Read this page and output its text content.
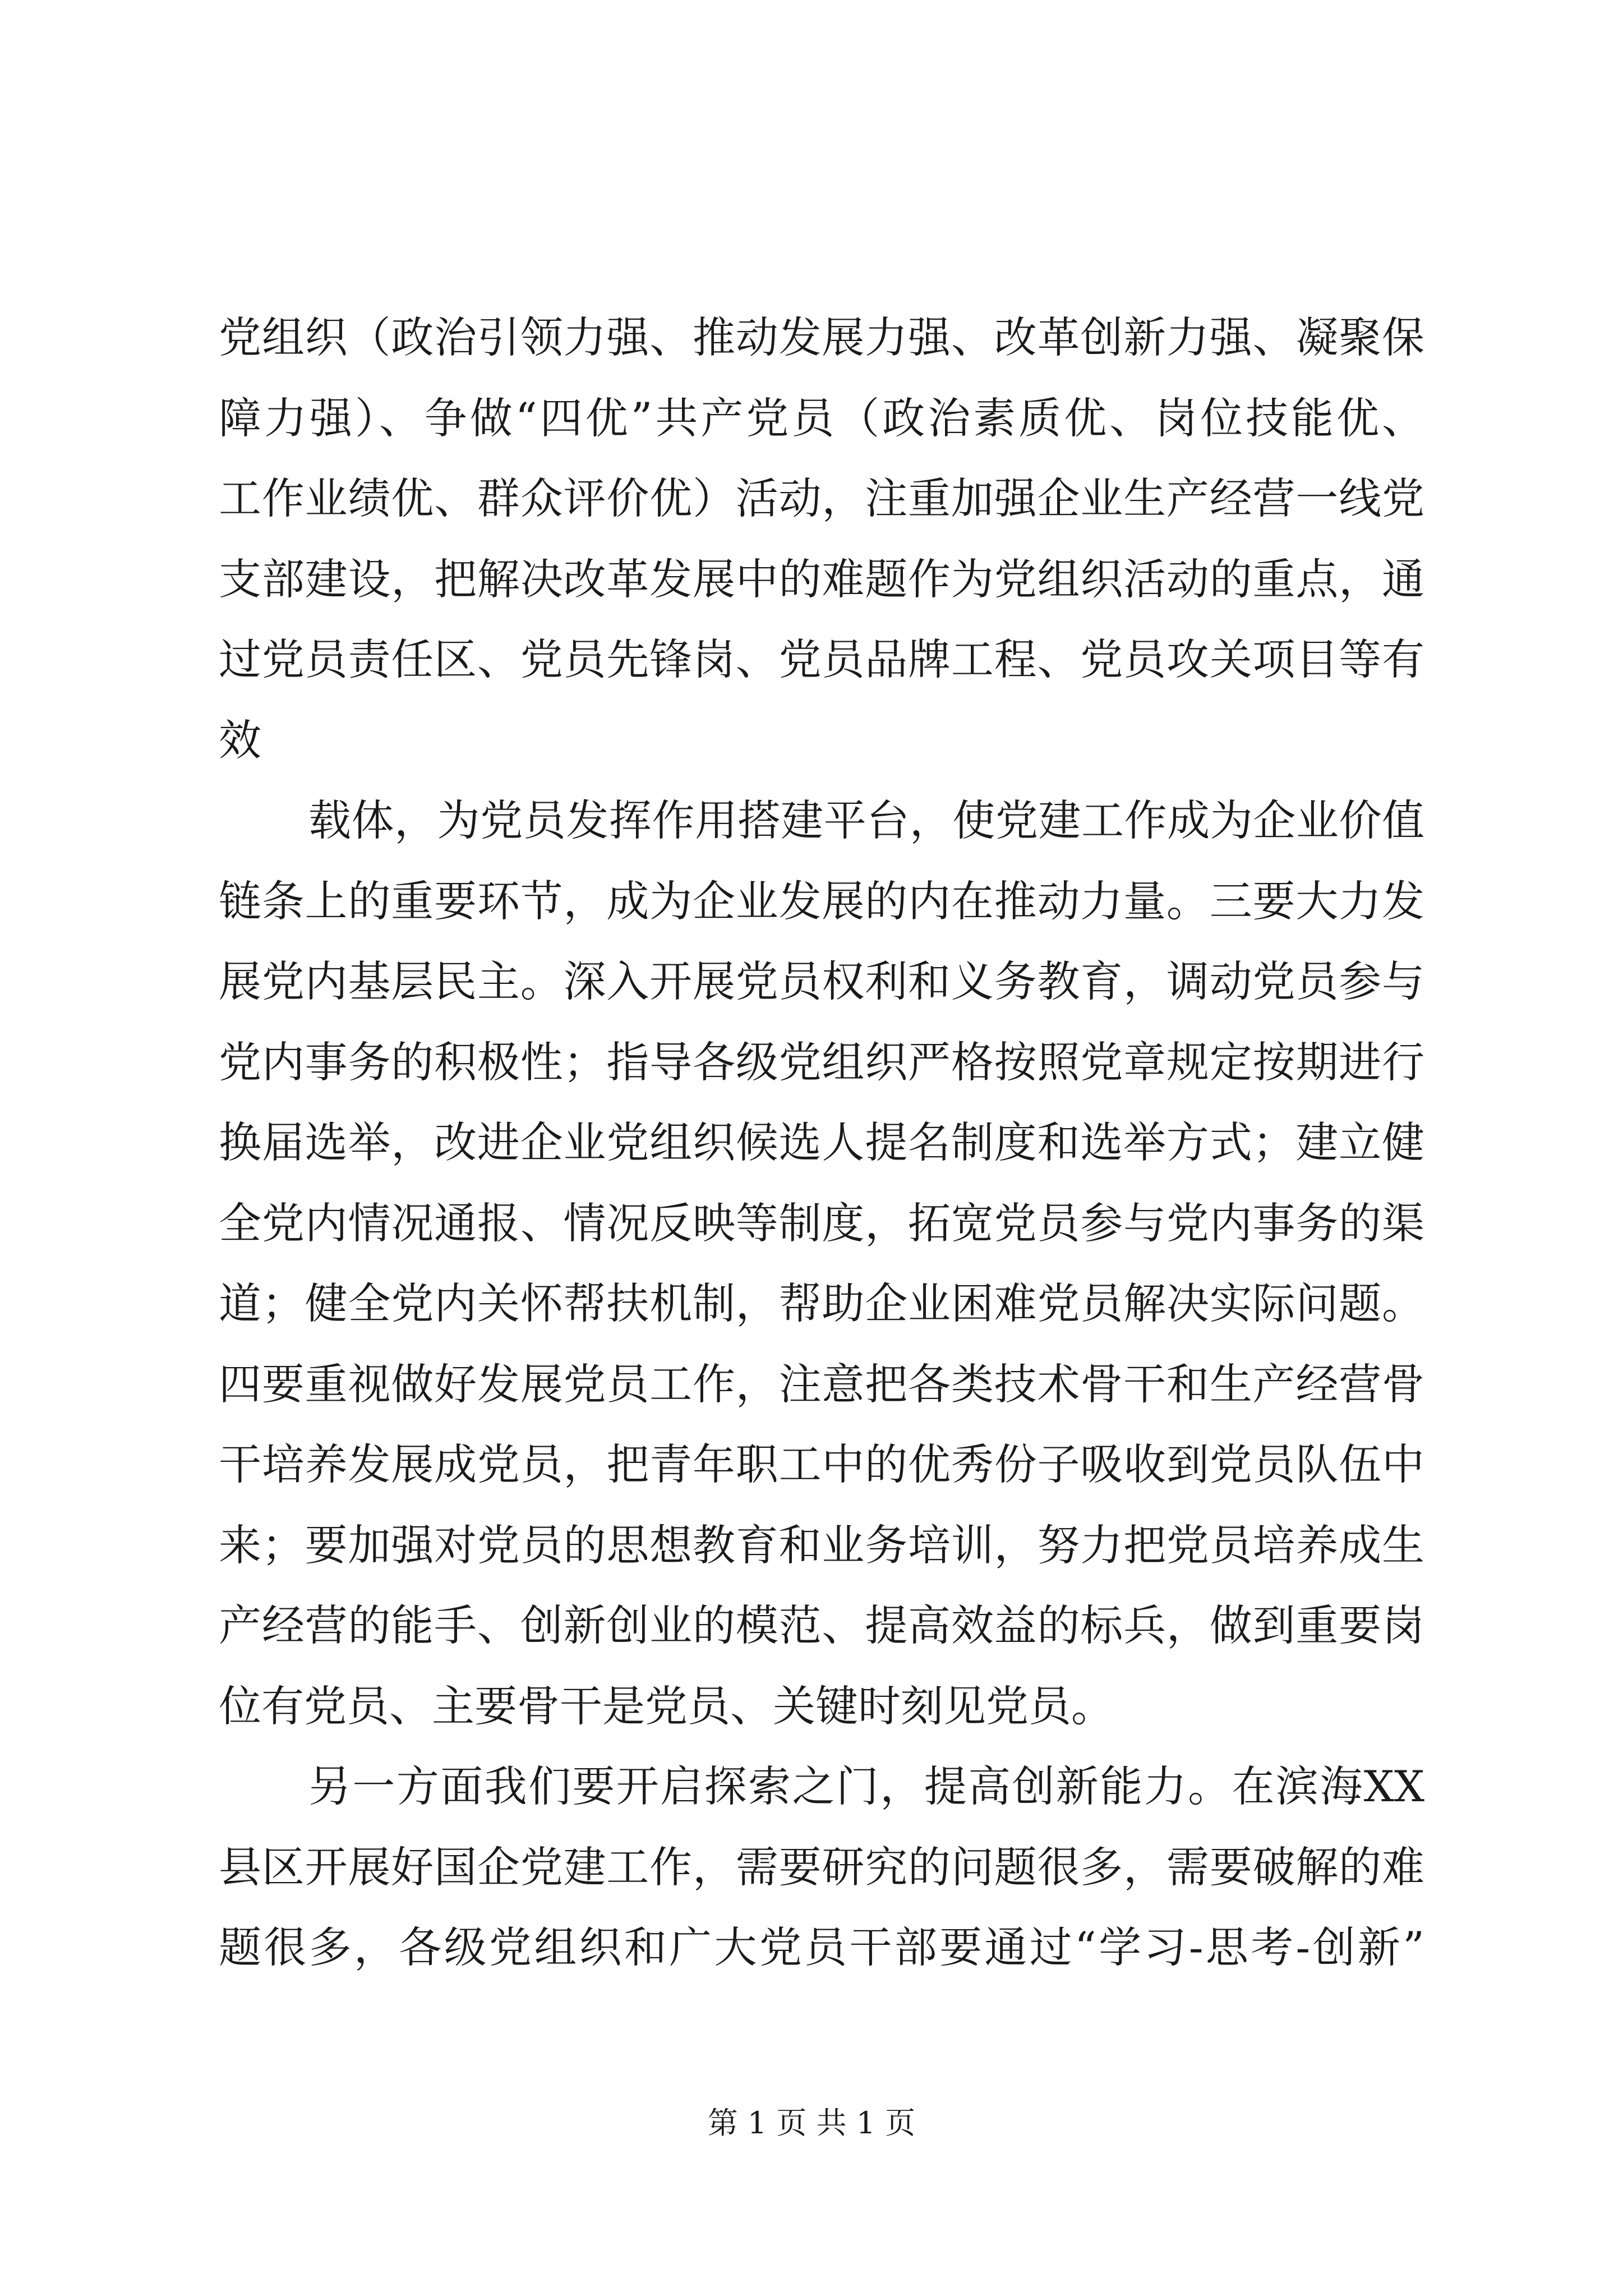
党组织（政治引领力强、推动发展力强、改革创新力强、凝聚保
障力强）、争做“四优”共产党员（政治素质优、岗位技能优、
工作业绩优、群众评价优）活动，注重加强企业生产经营一线党
支部建设，把解决改革发展中的难题作为党组织活动的重点，通
过党员责任区、党员先锋岗、党员品牌工程、党员攻关项目等有
效
载体，为党员发挥作用搭建平台，使党建工作成为企业价值
链条上的重要环节，成为企业发展的内在推动力量。三要大力发
展党内基层民主。深入开展党员权利和义务教育，调动党员参与
党内事务的积极性；指导各级党组织严格按照党章规定按期进行
换届选举，改进企业党组织候选人提名制度和选举方式；建立健
全党内情况通报、情况反映等制度，拓宽党员参与党内事务的渠
道；健全党内关怀帮扶机制，帮助企业困难党员解决实际问题。
四要重视做好发展党员工作，注意把各类技术骨干和生产经营骨
干培养发展成党员，把青年职工中的优秀份子吸收到党员队伍中
来；要加强对党员的思想教育和业务培训，努力把党员培养成生
产经营的能手、创新创业的模范、提高效益的标兵，做到重要岗
位有党员、主要骨干是党员、关键时刻见党员。
另一方面我们要开启探索之门，提高创新能力。在滨海XX
县区开展好国企党建工作，需要研究的问题很多，需要破解的难
题很多，各级党组织和广大党员干部要通过“学习-思考-创新”
第 1 页 共 1 页
